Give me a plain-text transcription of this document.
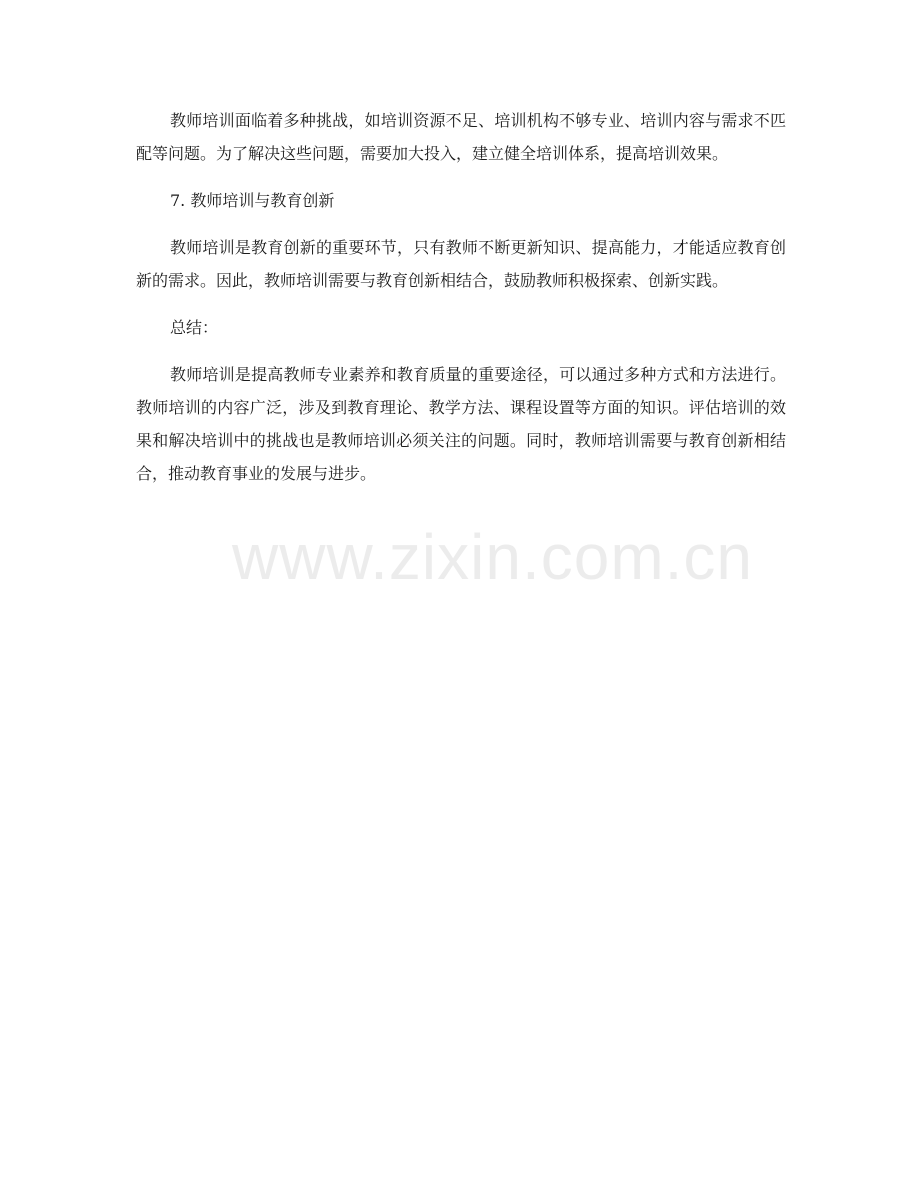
教师培训面临着多种挑战，如培训资源不足、培训机构不够专业、培训内容与需求不匹配等问题。为了解决这些问题，需要加大投入，建立健全培训体系，提高培训效果。

7. 教师培训与教育创新

教师培训是教育创新的重要环节，只有教师不断更新知识、提高能力，才能适应教育创新的需求。因此，教师培训需要与教育创新相结合，鼓励教师积极探索、创新实践。

总结：

教师培训是提高教师专业素养和教育质量的重要途径，可以通过多种方式和方法进行。教师培训的内容广泛，涉及到教育理论、教学方法、课程设置等方面的知识。评估培训的效果和解决培训中的挑战也是教师培训必须关注的问题。同时，教师培训需要与教育创新相结合，推动教育事业的发展与进步。

www.zixin.com.cn
